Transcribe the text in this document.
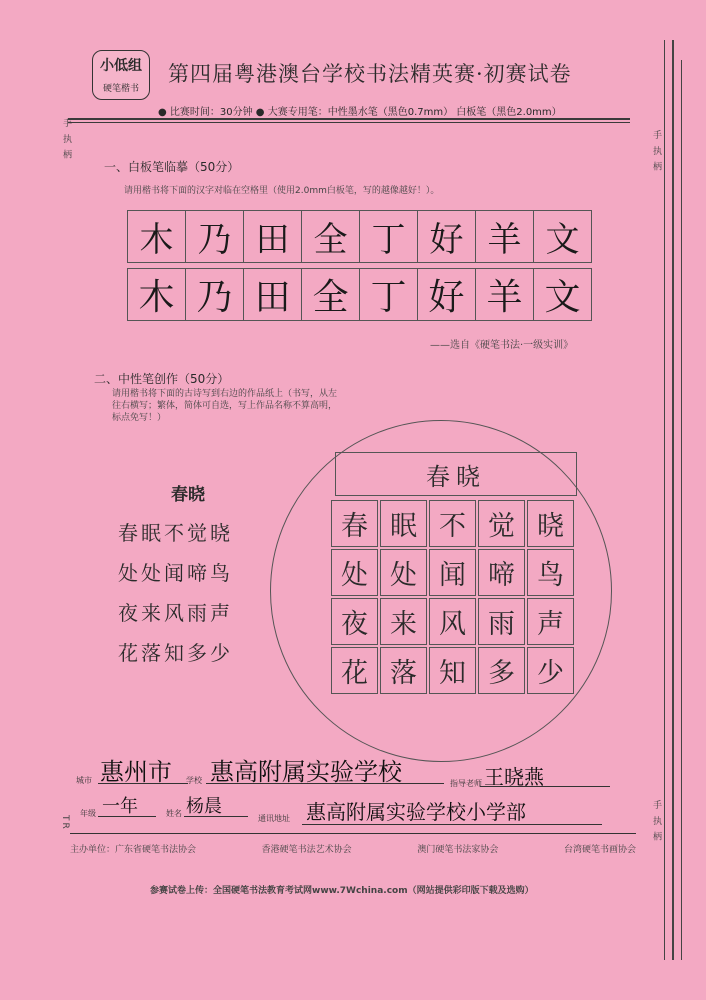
小低组
硬笔楷书
第四届粤港澳台学校书法精英赛·初赛试卷
● 比赛时间：30分钟 ● 大赛专用笔：中性墨水笔（黑色0.7mm） 白板笔（黑色2.0mm）
手 执 柄
TR
手 执 柄
手 执 柄
一、白板笔临摹（50分）
请用楷书将下面的汉字对临在空格里（使用2.0mm白板笔，写的越像越好！）。
木 乃 田 全 丁 好 羊 文
木 乃 田 全 丁 好 羊 文
——选自《硬笔书法·一级实训》
二、中性笔创作（50分）
请用楷书将下面的古诗写到右边的作品纸上（书写，从左往右横写；繁体，简体可自选，写上作品名称不算高明，标点免写！）
春晓
春眠不觉晓
处处闻啼鸟
夜来风雨声
花落知多少
春晓
春 眠 不 觉 晓
处 处 闻 啼 鸟
夜 来 风 雨 声
花 落 知 多 少
城市 惠州市 学校 惠高附属实验学校	指导老师 王晓燕
年级 一年	姓名 杨晨
通讯地址 惠高附属实验学校小学部
主办单位：广东省硬笔书法协会	香港硬笔书法艺术协会	澳门硬笔书法家协会	台湾硬笔书画协会
参赛试卷上传：全国硬笔书法教育考试网www.7Wchina.com（网站提供彩印版下载及选购）
